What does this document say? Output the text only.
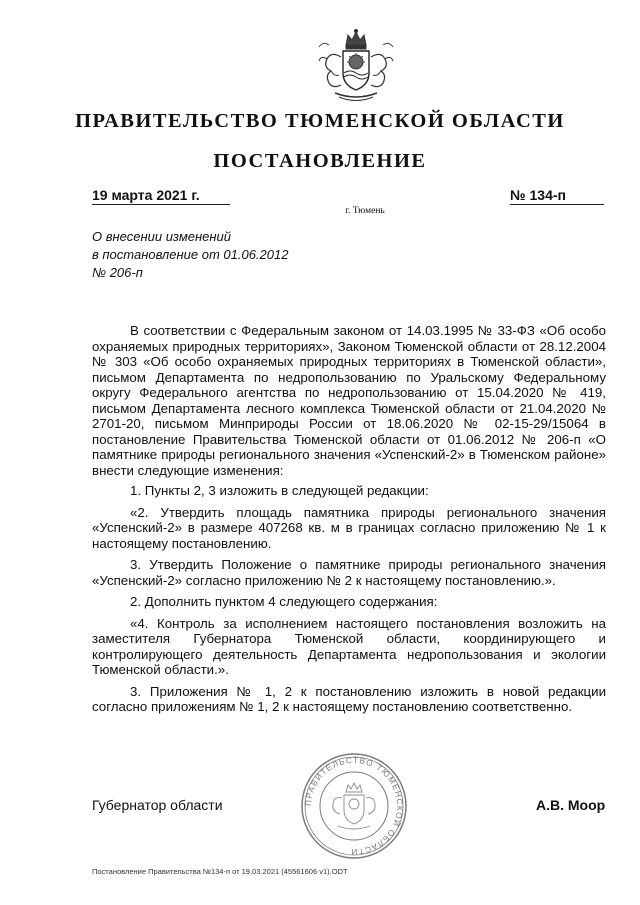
ПРАВИТЕЛЬСТВО ТЮМЕНСКОЙ ОБЛАСТИ
ПОСТАНОВЛЕНИЕ
19 марта 2021 г.	№ 134-п
г. Тюмень
О внесении изменений
в постановление от 01.06.2012
№ 206-п

В соответствии с Федеральным законом от 14.03.1995 № 33-ФЗ «Об особо охраняемых природных территориях», Законом Тюменской области от 28.12.2004 № 303 «Об особо охраняемых природных территориях в Тюменской области», письмом Департамента по недропользованию по Уральскому Федеральному округу Федерального агентства по недропользованию от 15.04.2020 № 419, письмом Департамента лесного комплекса Тюменской области от 21.04.2020 № 2701-20, письмом Минприроды России от 18.06.2020 № 02-15-29/15064 в постановление Правительства Тюменской области от 01.06.2012 № 206-п «О памятнике природы регионального значения «Успенский-2» в Тюменском районе» внести следующие изменения:

1. Пункты 2, 3 изложить в следующей редакции:

«2. Утвердить площадь памятника природы регионального значения «Успенский-2» в размере 407268 кв. м в границах согласно приложению № 1 к настоящему постановлению.

3. Утвердить Положение о памятнике природы регионального значения «Успенский-2» согласно приложению № 2 к настоящему постановлению.».

2. Дополнить пунктом 4 следующего содержания:

«4. Контроль за исполнением настоящего постановления возложить на заместителя Губернатора Тюменской области, координирующего и контролирующего деятельность Департамента недропользования и экологии Тюменской области.».

3. Приложения № 1, 2 к постановлению изложить в новой редакции согласно приложениям № 1, 2 к настоящему постановлению соответственно.

ПРАВИТЕЛЬСТВО ТЮМЕНСКОЙ ОБЛАСТИ
Губернатор области	А.В. Моор
Постановление Правительства №134-п от 19.03.2021 (45561606 v1).ODT
